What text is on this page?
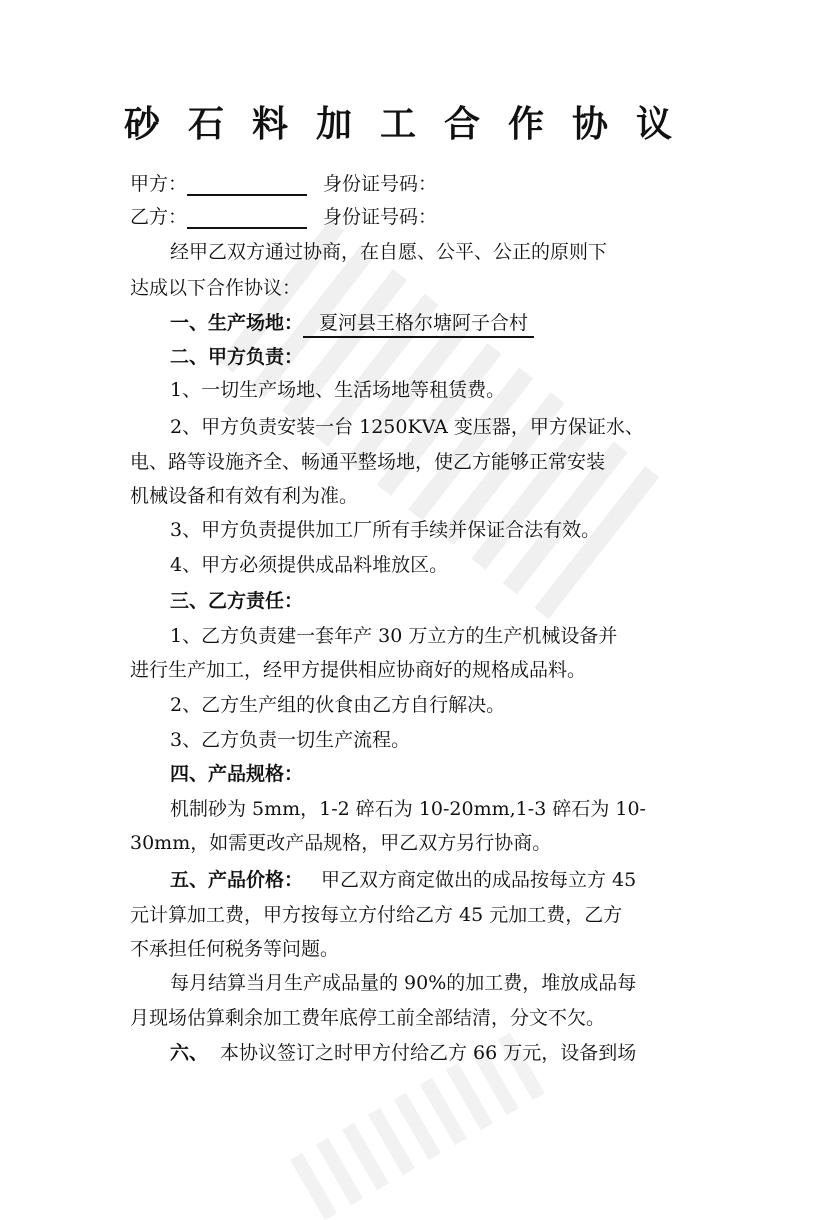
砂石料加工合作协议
甲方：	身份证号码：
乙方：	身份证号码：
经甲乙双方通过协商，在自愿、公平、公正的原则下
达成以下合作协议：
一、生产场地： 夏河县王格尔塘阿子合村
二、甲方负责：
1、一切生产场地、生活场地等租赁费。
2、甲方负责安装一台 1250KVA 变压器，甲方保证水、
电、路等设施齐全、畅通平整场地，使乙方能够正常安装
机械设备和有效有利为准。
3、甲方负责提供加工厂所有手续并保证合法有效。
4、甲方必须提供成品料堆放区。
三、乙方责任：
1、乙方负责建一套年产 30 万立方的生产机械设备并
进行生产加工，经甲方提供相应协商好的规格成品料。
2、乙方生产组的伙食由乙方自行解决。
3、乙方负责一切生产流程。
四、产品规格：
机制砂为 5mm，1-2 碎石为 10-20mm,1-3 碎石为 10-
30mm，如需更改产品规格，甲乙双方另行协商。
五、产品价格： 甲乙双方商定做出的成品按每立方 45
元计算加工费，甲方按每立方付给乙方 45 元加工费，乙方
不承担任何税务等问题。
每月结算当月生产成品量的 90%的加工费，堆放成品每
月现场估算剩余加工费年底停工前全部结清，分文不欠。
六、 本协议签订之时甲方付给乙方 66 万元，设备到场
